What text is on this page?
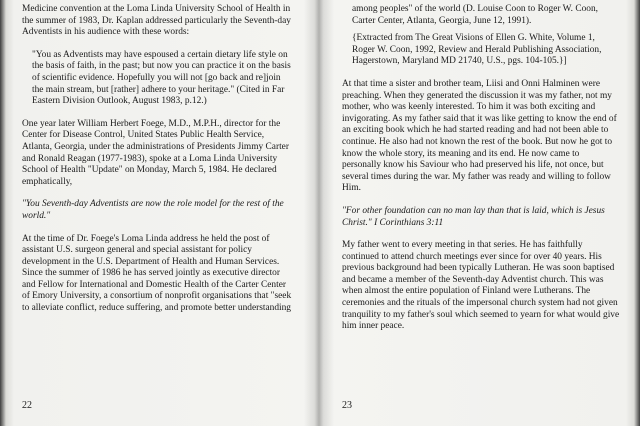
Medicine convention at the Loma Linda University School of Health in the summer of 1983, Dr. Kaplan addressed particularly the Seventh-day Adventists in his audience with these words:

"You as Adventists may have espoused a certain dietary life style on the basis of faith, in the past; but now you can practice it on the basis of scientific evidence. Hopefully you will not [go back and re]join the main stream, but [rather] adhere to your heritage." (Cited in Far Eastern Division Outlook, August 1983, p.12.)

One year later William Herbert Foege, M.D., M.P.H., director for the Center for Disease Control, United States Public Health Service, Atlanta, Georgia, under the administrations of Presidents Jimmy Carter and Ronald Reagan (1977-1983), spoke at a Loma Linda University School of Health "Update" on Monday, March 5, 1984. He declared emphatically,

"You Seventh-day Adventists are now the role model for the rest of the world."

At the time of Dr. Foege's Loma Linda address he held the post of assistant U.S. surgeon general and special assistant for policy development in the U.S. Department of Health and Human Services. Since the summer of 1986 he has served jointly as executive director and Fellow for International and Domestic Health of the Carter Center of Emory University, a consortium of nonprofit organisations that "seek to alleviate conflict, reduce suffering, and promote better understanding

22

among peoples" of the world (D. Louise Coon to Roger W. Coon, Carter Center, Atlanta, Georgia, June 12, 1991).

{Extracted from The Great Visions of Ellen G. White, Volume 1, Roger W. Coon, 1992, Review and Herald Publishing Association, Hagerstown, Maryland MD 21740, U.S., pgs. 104-105.}]

At that time a sister and brother team, Liisi and Onni Halminen were preaching. When they generated the discussion it was my father, not my mother, who was keenly interested. To him it was both exciting and invigorating. As my father said that it was like getting to know the end of an exciting book which he had started reading and had not been able to continue. He also had not known the rest of the book. But now he got to know the whole story, its meaning and its end. He now came to personally know his Saviour who had preserved his life, not once, but several times during the war. My father was ready and willing to follow Him.

"For other foundation can no man lay than that is laid, which is Jesus Christ." I Corinthians 3:11

My father went to every meeting in that series. He has faithfully continued to attend church meetings ever since for over 40 years. His previous background had been typically Lutheran. He was soon baptised and became a member of the Seventh-day Adventist church. This was when almost the entire population of Finland were Lutherans. The ceremonies and the rituals of the impersonal church system had not given tranquility to my father's soul which seemed to yearn for what would give him inner peace.

23
